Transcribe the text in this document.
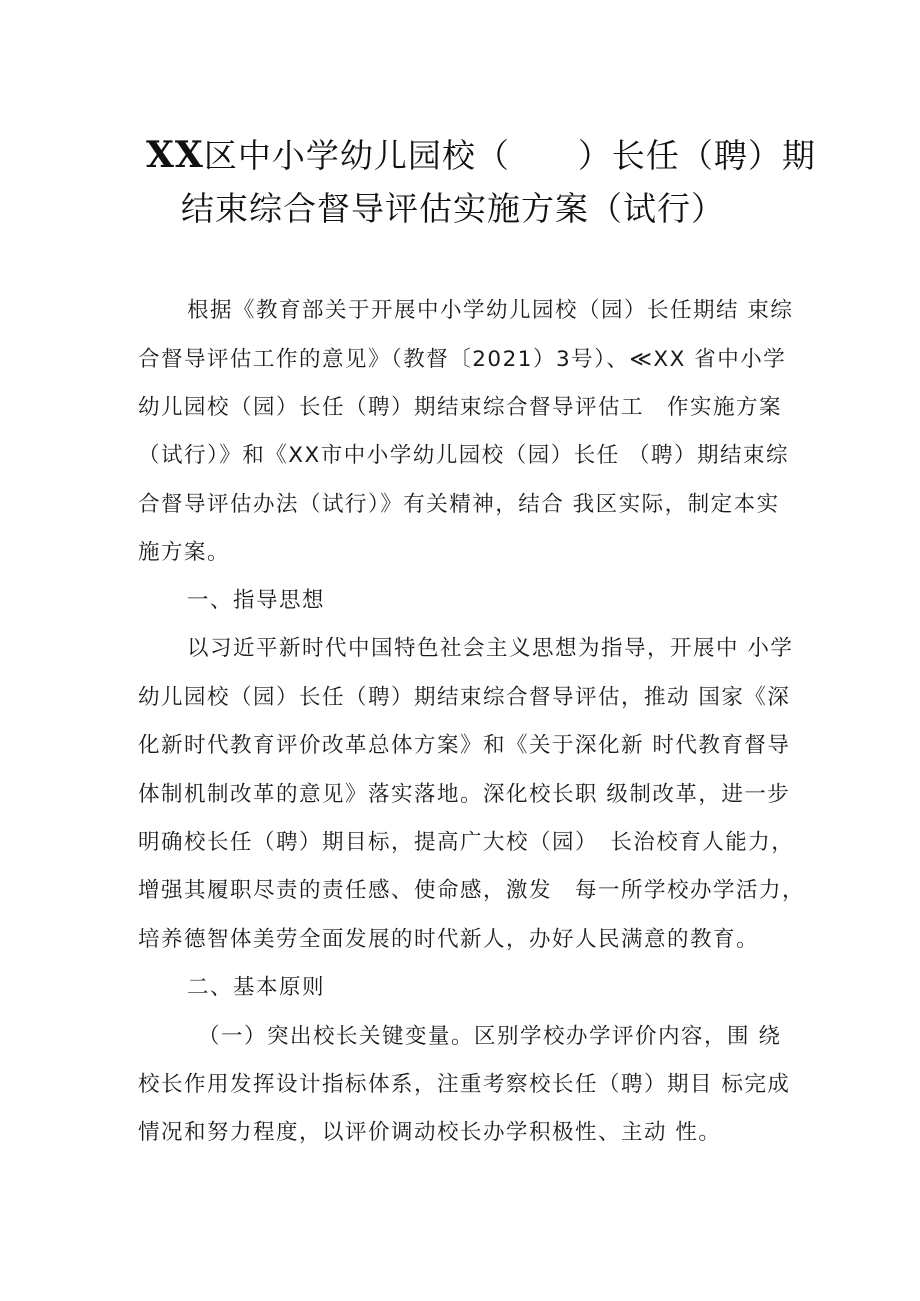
XX区中小学幼儿园校（　　）长任（聘）期
结束综合督导评估实施方案（试行）
根据《教育部关于开展中小学幼儿园校（园）长任期结 束综
合督导评估工作的意见》（教督〔2021）3号）、≪XX 省中小学
幼儿园校（园）长任（聘）期结束综合督导评估工　作实施方案
（试行）》和《XX市中小学幼儿园校（园）长任 （聘）期结束综
合督导评估办法（试行）》有关精神，结合 我区实际，制定本实
施方案。
一、指导思想
以习近平新时代中国特色社会主义思想为指导，开展中 小学
幼儿园校（园）长任（聘）期结束综合督导评估，推动 国家《深
化新时代教育评价改革总体方案》和《关于深化新 时代教育督导
体制机制改革的意见》落实落地。深化校长职 级制改革，进一步
明确校长任（聘）期目标，提高广大校（园）　长治校育人能力，
增强其履职尽责的责任感、使命感，激发　每一所学校办学活力，
培养德智体美劳全面发展的时代新人，办好人民满意的教育。
二、基本原则
（一）突出校长关键变量。区别学校办学评价内容，围 绕
校长作用发挥设计指标体系，注重考察校长任（聘）期目 标完成
情况和努力程度，以评价调动校长办学积极性、主动 性。
